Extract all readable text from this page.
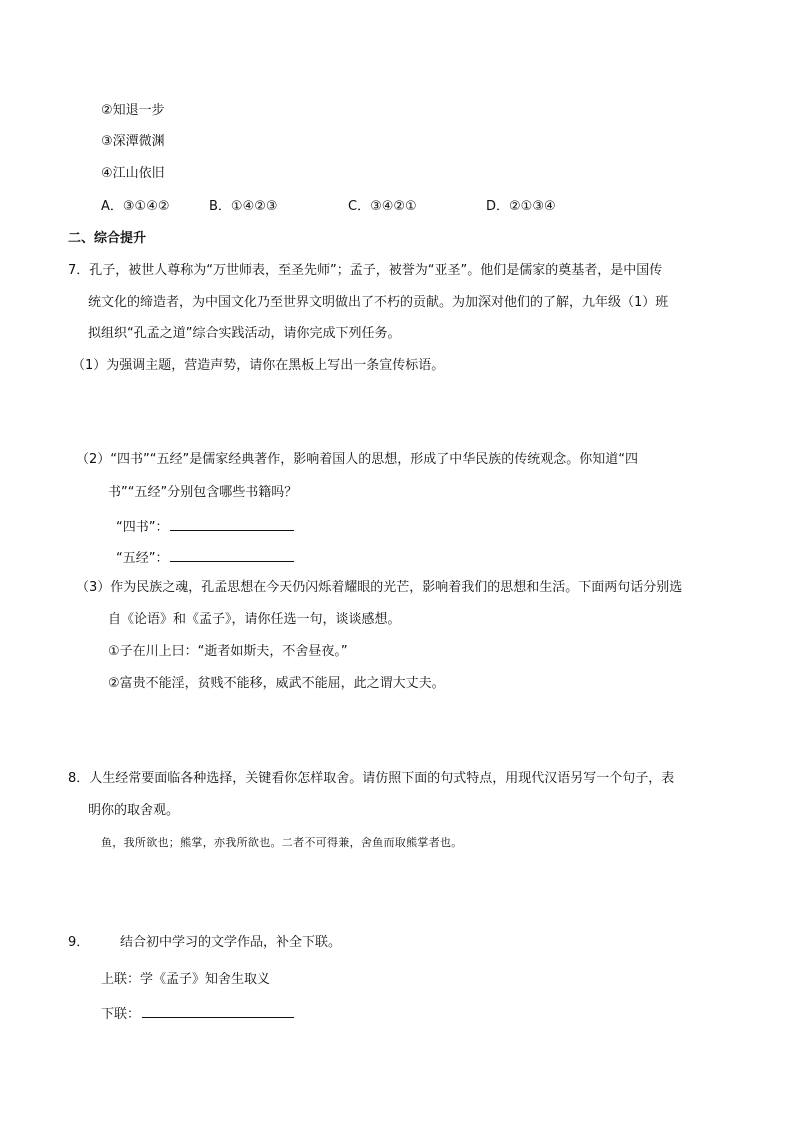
②知退一步
③深潭微渊
④江山依旧
A．③①④②	B．①④②③	C．③④②①	D．②①③④
二、综合提升
7．孔子，被世人尊称为“万世师表，至圣先师”；孟子，被誉为“亚圣”。他们是儒家的奠基者，是中国传
统文化的缔造者，为中国文化乃至世界文明做出了不朽的贡献。为加深对他们的了解，九年级（1）班
拟组织“孔孟之道”综合实践活动，请你完成下列任务。
（1）为强调主题，营造声势，请你在黑板上写出一条宣传标语。
（2）“四书”“五经”是儒家经典著作，影响着国人的思想，形成了中华民族的传统观念。你知道“四
书”“五经”分别包含哪些书籍吗？
“四书”：
“五经”：
（3）作为民族之魂，孔孟思想在今天仍闪烁着耀眼的光芒，影响着我们的思想和生活。下面两句话分别选
自《论语》和《孟子》，请你任选一句，谈谈感想。
①子在川上曰：“逝者如斯夫，不舍昼夜。”
②富贵不能淫，贫贱不能移，威武不能屈，此之谓大丈夫。
8．人生经常要面临各种选择，关键看你怎样取舍。请仿照下面的句式特点，用现代汉语另写一个句子，表
明你的取舍观。
鱼，我所欲也；熊掌，亦我所欲也。二者不可得兼，舍鱼而取熊掌者也。
9． 结合初中学习的文学作品，补全下联。
上联：学《孟子》知舍生取义
下联：
